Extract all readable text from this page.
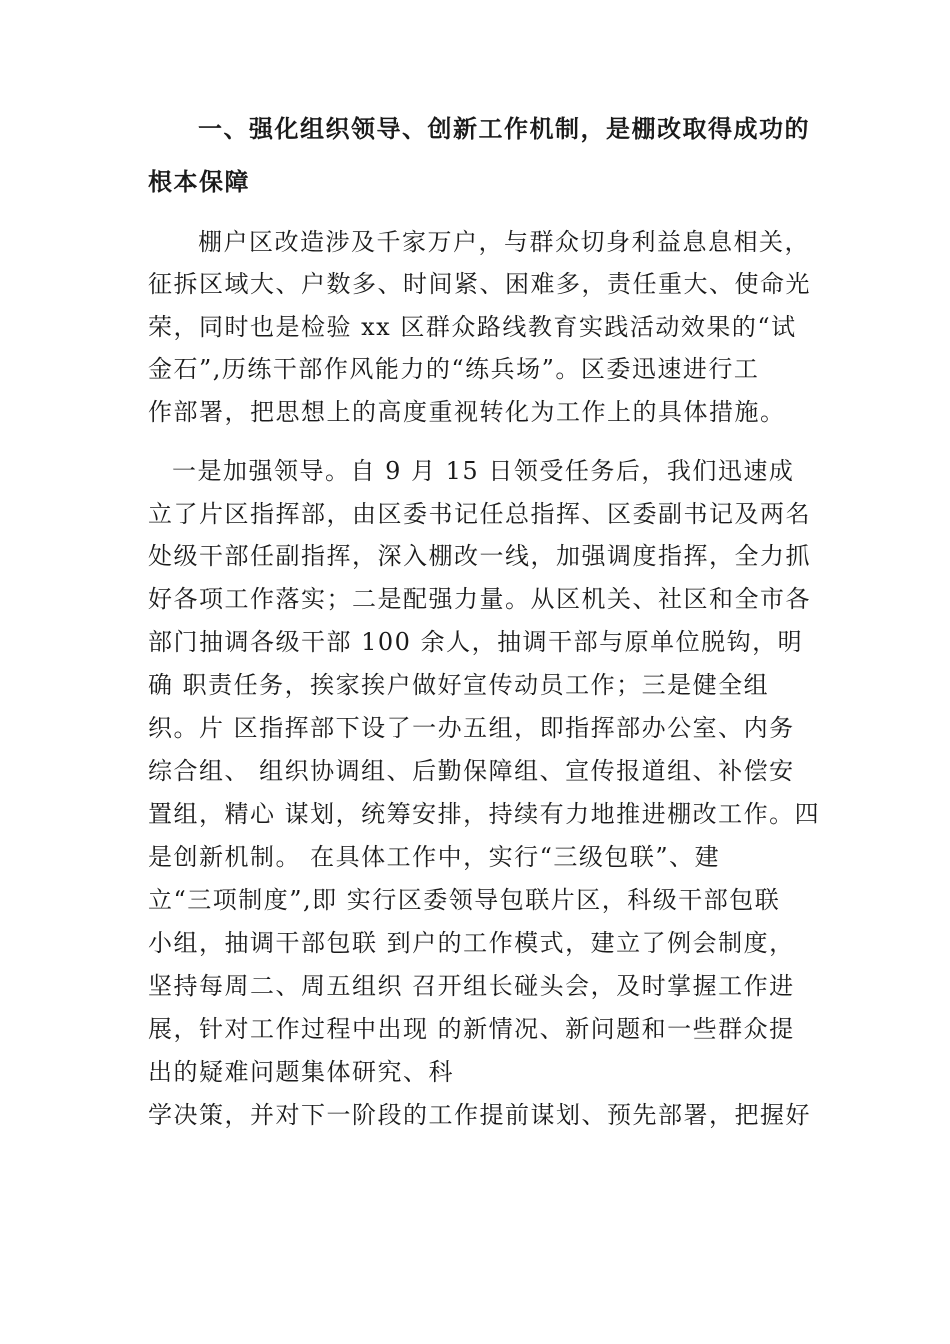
一、强化组织领导、创新工作机制，是棚改取得成功的
根本保障
棚户区改造涉及千家万户，与群众切身利益息息相关，
征拆区域大、户数多、时间紧、困难多，责任重大、使命光
荣，同时也是检验 xx 区群众路线教育实践活动效果的“试
金石”,历练干部作风能力的“练兵场”。区委迅速进行工
作部署，把思想上的高度重视转化为工作上的具体措施。
一是加强领导。自 9 月 15 日领受任务后，我们迅速成
立了片区指挥部，由区委书记任总指挥、区委副书记及两名
处级干部任副指挥，深入棚改一线，加强调度指挥，全力抓
好各项工作落实；二是配强力量。从区机关、社区和全市各
部门抽调各级干部 100 余人，抽调干部与原单位脱钩，明
确 职责任务，挨家挨户做好宣传动员工作；三是健全组
织。片 区指挥部下设了一办五组，即指挥部办公室、内务
综合组、 组织协调组、后勤保障组、宣传报道组、补偿安
置组，精心 谋划，统筹安排，持续有力地推进棚改工作。四
是创新机制。 在具体工作中，实行“三级包联”、建
立“三项制度”,即 实行区委领导包联片区，科级干部包联
小组，抽调干部包联 到户的工作模式，建立了例会制度，
坚持每周二、周五组织 召开组长碰头会，及时掌握工作进
展，针对工作过程中出现 的新情况、新问题和一些群众提
出的疑难问题集体研究、科
学决策，并对下一阶段的工作提前谋划、预先部署，把握好
